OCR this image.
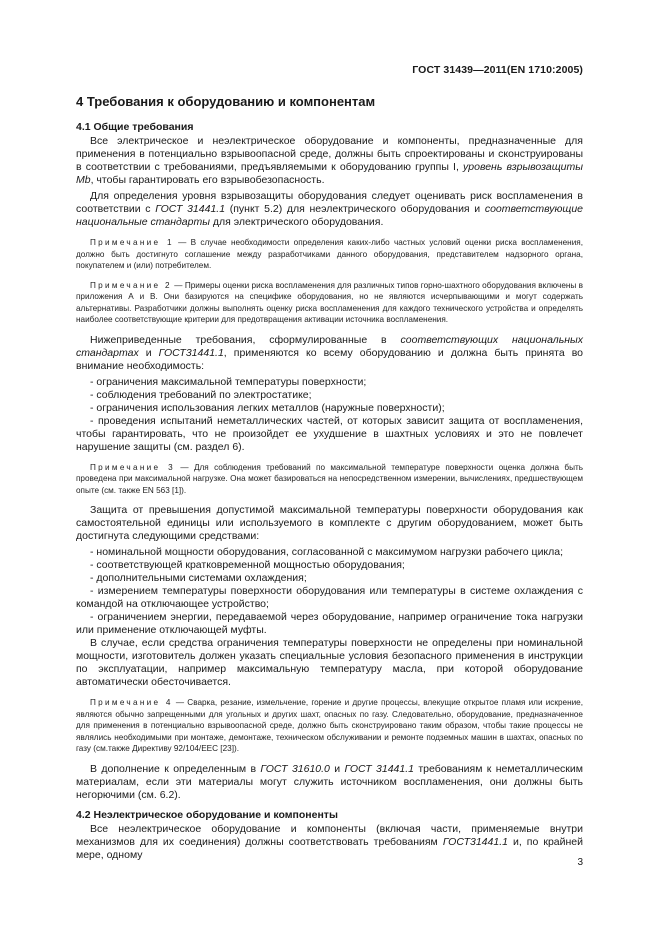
ГОСТ 31439—2011(EN 1710:2005)
4 Требования к оборудованию и компонентам
4.1 Общие требования

Все электрическое и неэлектрическое оборудование и компоненты, предназначенные для применения в потенциально взрывоопасной среде, должны быть спроектированы и сконструированы в соответствии с требованиями, предъявляемыми к оборудованию группы I, уровень взрывозащиты Mb, чтобы гарантировать его взрывобезопасность.

Для определения уровня взрывозащиты оборудования следует оценивать риск воспламенения в соответствии с ГОСТ 31441.1 (пункт 5.2) для неэлектрического оборудования и соответствующие национальные стандарты для электрического оборудования.

Примечание 1 — В случае необходимости определения каких-либо частных условий оценки риска воспламенения, должно быть достигнуто соглашение между разработчиками данного оборудования, представителем надзорного органа, покупателем и (или) потребителем.

Примечание 2 — Примеры оценки риска воспламенения для различных типов горно-шахтного оборудования включены в приложения А и В. Они базируются на специфике оборудования, но не являются исчерпывающими и могут содержать альтернативы. Разработчики должны выполнять оценку риска воспламенения для каждого технического устройства и определять наиболее соответствующие критерии для предотвращения активации источника воспламенения.

Нижеприведенные требования, сформулированные в соответствующих национальных стандартах и ГОСТ31441.1, применяются ко всему оборудованию и должна быть принята во внимание необходимость:

- ограничения максимальной температуры поверхности;
- соблюдения требований по электростатике;
- ограничения использования легких металлов (наружные поверхности);
- проведения испытаний неметаллических частей, от которых зависит защита от воспламенения, чтобы гарантировать, что не произойдет ее ухудшение в шахтных условиях и это не повлечет нарушение защиты (см. раздел 6).

Примечание 3 — Для соблюдения требований по максимальной температуре поверхности оценка должна быть проведена при максимальной нагрузке. Она может базироваться на непосредственном измерении, вычислениях, предшествующем опыте (см. также EN 563 [1]).

Защита от превышения допустимой максимальной температуры поверхности оборудования как самостоятельной единицы или используемого в комплекте с другим оборудованием, может быть достигнута следующими средствами:

- номинальной мощности оборудования, согласованной с максимумом нагрузки рабочего цикла;
- соответствующей кратковременной мощностью оборудования;
- дополнительными системами охлаждения;
- измерением температуры поверхности оборудования или температуры в системе охлаждения с командой на отключающее устройство;
- ограничением энергии, передаваемой через оборудование, например ограничение тока нагрузки или применение отключающей муфты.

В случае, если средства ограничения температуры поверхности не определены при номинальной мощности, изготовитель должен указать специальные условия безопасного применения в инструкции по эксплуатации, например максимальную температуру масла, при которой оборудование автоматически обесточивается.

Примечание 4 — Сварка, резание, измельчение, горение и другие процессы, влекущие открытое пламя или искрение, являются обычно запрещенными для угольных и других шахт, опасных по газу. Следовательно, оборудование, предназначенное для применения в потенциально взрывоопасной среде, должно быть сконструировано таким образом, чтобы такие процессы не являлись необходимыми при монтаже, демонтаже, техническом обслуживании и ремонте подземных машин в шахтах, опасных по газу (см.также Директиву 92/104/EEC [23]).

В дополнение к определенным в ГОСТ 31610.0 и ГОСТ 31441.1 требованиям к неметаллическим материалам, если эти материалы могут служить источником воспламенения, они должны быть негорючими (см. 6.2).

4.2 Неэлектрическое оборудование и компоненты

Все неэлектрическое оборудование и компоненты (включая части, применяемые внутри механизмов для их соединения) должны соответствовать требованиям ГОСТ31441.1 и, по крайней мере, одному

3
